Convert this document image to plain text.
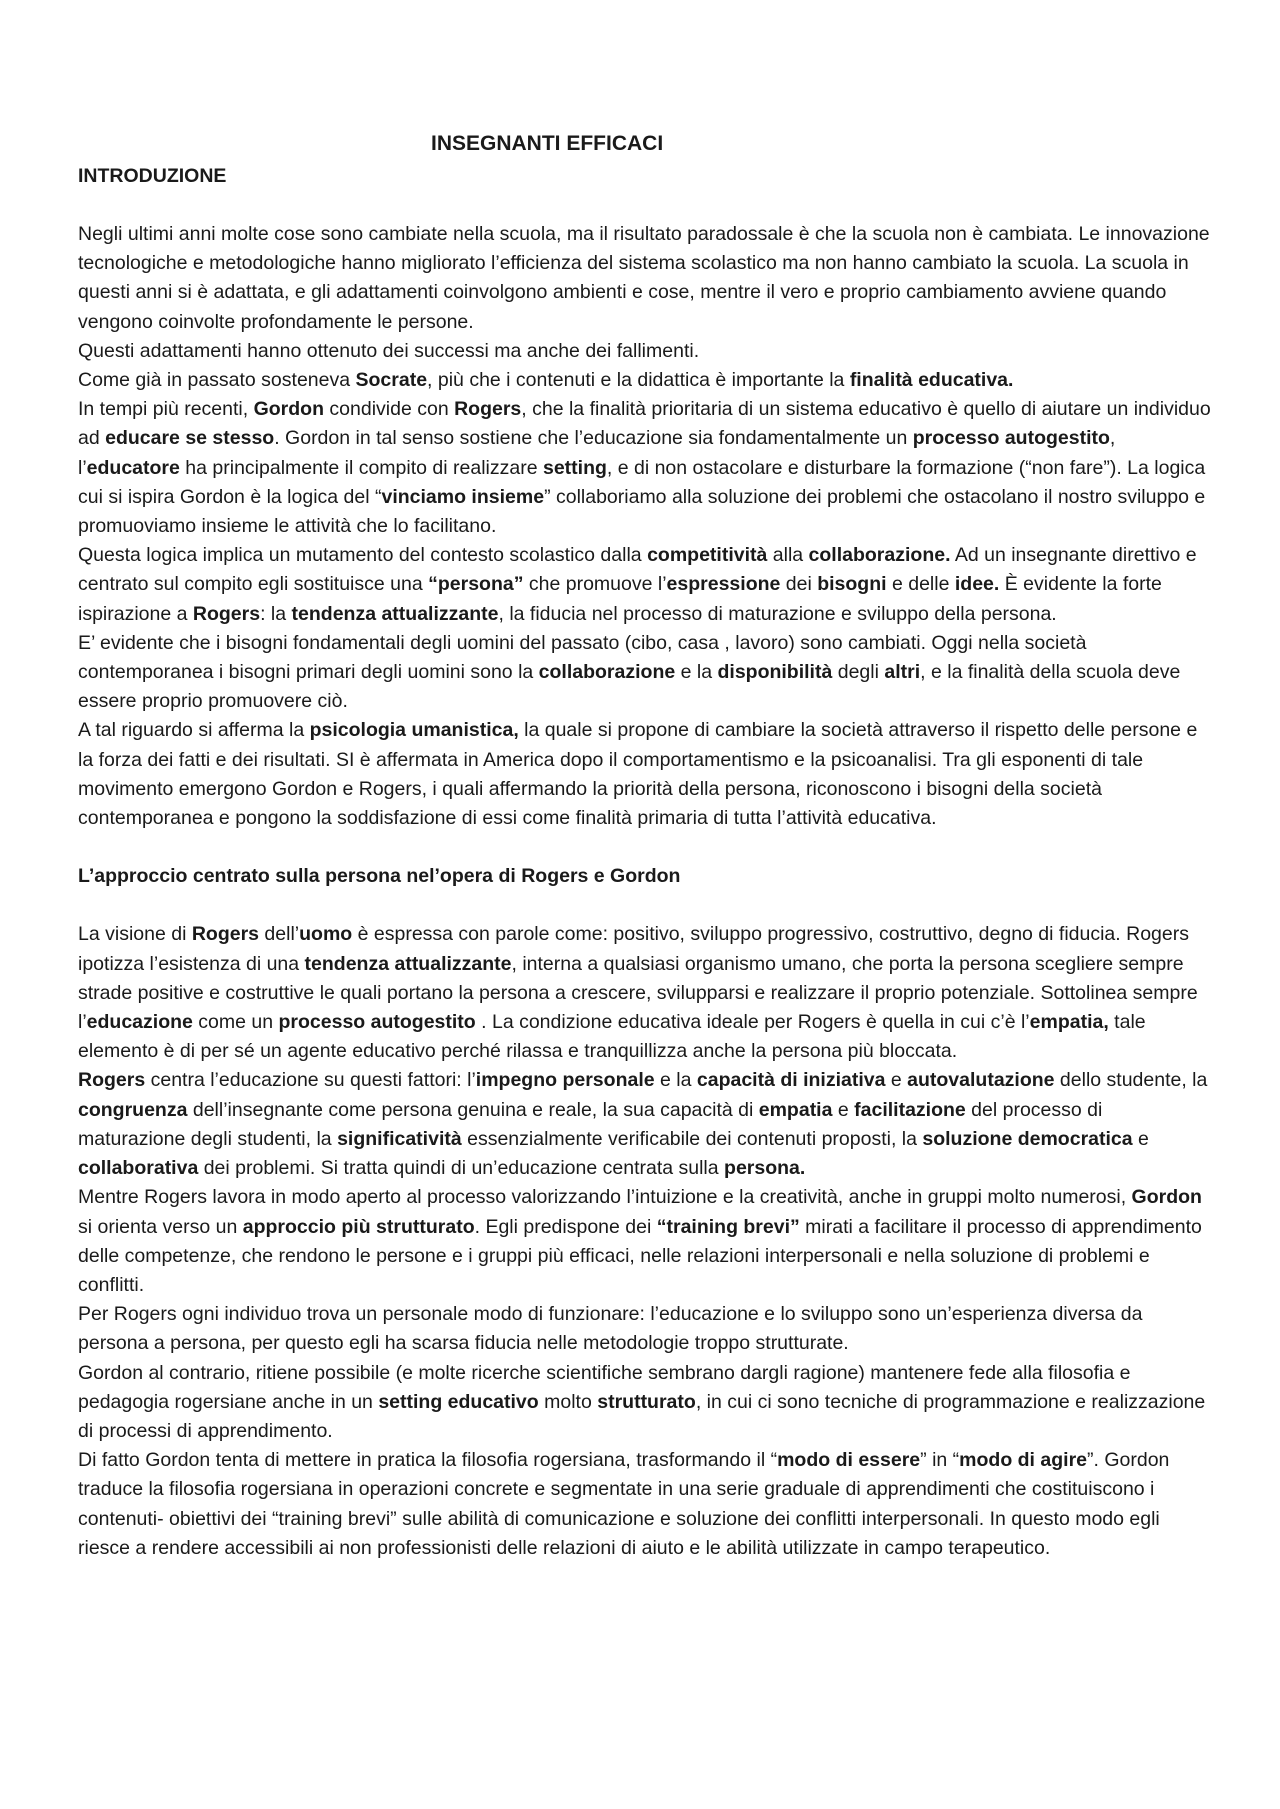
INSEGNANTI EFFICACI
INTRODUZIONE

Negli ultimi anni molte cose sono cambiate nella scuola, ma il risultato paradossale è che la scuola non è cambiata. Le innovazione tecnologiche e metodologiche hanno migliorato l’efficienza del sistema scolastico ma non hanno cambiato la scuola. La scuola in questi anni si è adattata, e gli adattamenti coinvolgono ambienti e cose, mentre il vero e proprio cambiamento avviene quando vengono coinvolte profondamente le persone.

Questi adattamenti hanno ottenuto dei successi ma anche dei fallimenti.

Come già in passato sosteneva Socrate, più che i contenuti e la didattica è importante la finalità educativa.

In tempi più recenti, Gordon condivide con Rogers, che la finalità prioritaria di un sistema educativo è quello di aiutare un individuo ad educare se stesso. Gordon in tal senso sostiene che l’educazione sia fondamentalmente un processo autogestito, l’educatore ha principalmente il compito di realizzare setting, e di non ostacolare e disturbare la formazione (“non fare”). La logica cui si ispira Gordon è la logica del “vinciamo insieme” collaboriamo alla soluzione dei problemi che ostacolano il nostro sviluppo e promuoviamo insieme le attività che lo facilitano.

Questa logica implica un mutamento del contesto scolastico dalla competitività alla collaborazione. Ad un insegnante direttivo e centrato sul compito egli sostituisce una “persona” che promuove l’espressione dei bisogni e delle idee. È evidente la forte ispirazione a Rogers: la tendenza attualizzante, la fiducia nel processo di maturazione e sviluppo della persona.

E’ evidente che i bisogni fondamentali degli uomini del passato (cibo, casa , lavoro) sono cambiati. Oggi nella società contemporanea i bisogni primari degli uomini sono la collaborazione e la disponibilità degli altri, e la finalità della scuola deve essere proprio promuovere ciò.

A tal riguardo si afferma la psicologia umanistica, la quale si propone di cambiare la società attraverso il rispetto delle persone e la forza dei fatti e dei risultati. SI è affermata in America dopo il comportamentismo e la psicoanalisi. Tra gli esponenti di tale movimento emergono Gordon e Rogers, i quali affermando la priorità della persona, riconoscono i bisogni della società contemporanea e pongono la soddisfazione di essi come finalità primaria di tutta l’attività educativa.

L’approccio centrato sulla persona nel’opera di Rogers e Gordon

La visione di Rogers dell’uomo è espressa con parole come: positivo, sviluppo progressivo, costruttivo, degno di fiducia. Rogers ipotizza l’esistenza di una tendenza attualizzante, interna a qualsiasi organismo umano, che porta la persona scegliere sempre strade positive e costruttive le quali portano la persona a crescere, svilupparsi e realizzare il proprio potenziale. Sottolinea sempre l’educazione come un processo autogestito . La condizione educativa ideale per Rogers è quella in cui c’è l’empatia, tale elemento è di per sé un agente educativo perché rilassa e tranquillizza anche la persona più bloccata.

Rogers centra l’educazione su questi fattori: l’impegno personale e la capacità di iniziativa e autovalutazione dello studente, la congruenza dell’insegnante come persona genuina e reale, la sua capacità di empatia e facilitazione del processo di maturazione degli studenti, la significatività essenzialmente verificabile dei contenuti proposti, la soluzione democratica e collaborativa dei problemi. Si tratta quindi di un’educazione centrata sulla persona.

Mentre Rogers lavora in modo aperto al processo valorizzando l’intuizione e la creatività, anche in gruppi molto numerosi, Gordon si orienta verso un approccio più strutturato. Egli predispone dei “training brevi” mirati a facilitare il processo di apprendimento delle competenze, che rendono le persone e i gruppi più efficaci, nelle relazioni interpersonali e nella soluzione di problemi e conflitti.

Per Rogers ogni individuo trova un personale modo di funzionare: l’educazione e lo sviluppo sono un’esperienza diversa da persona a persona, per questo egli ha scarsa fiducia nelle metodologie troppo strutturate.

Gordon al contrario, ritiene possibile (e molte ricerche scientifiche sembrano dargli ragione) mantenere fede alla filosofia e pedagogia rogersiane anche in un setting educativo molto strutturato, in cui ci sono tecniche di programmazione e realizzazione di processi di apprendimento.

Di fatto Gordon tenta di mettere in pratica la filosofia rogersiana, trasformando il “modo di essere” in “modo di agire”. Gordon traduce la filosofia rogersiana in operazioni concrete e segmentate in una serie graduale di apprendimenti che costituiscono i contenuti- obiettivi dei “training brevi” sulle abilità di comunicazione e soluzione dei conflitti interpersonali. In questo modo egli riesce a rendere accessibili ai non professionisti delle relazioni di aiuto e le abilità utilizzate in campo terapeutico.
